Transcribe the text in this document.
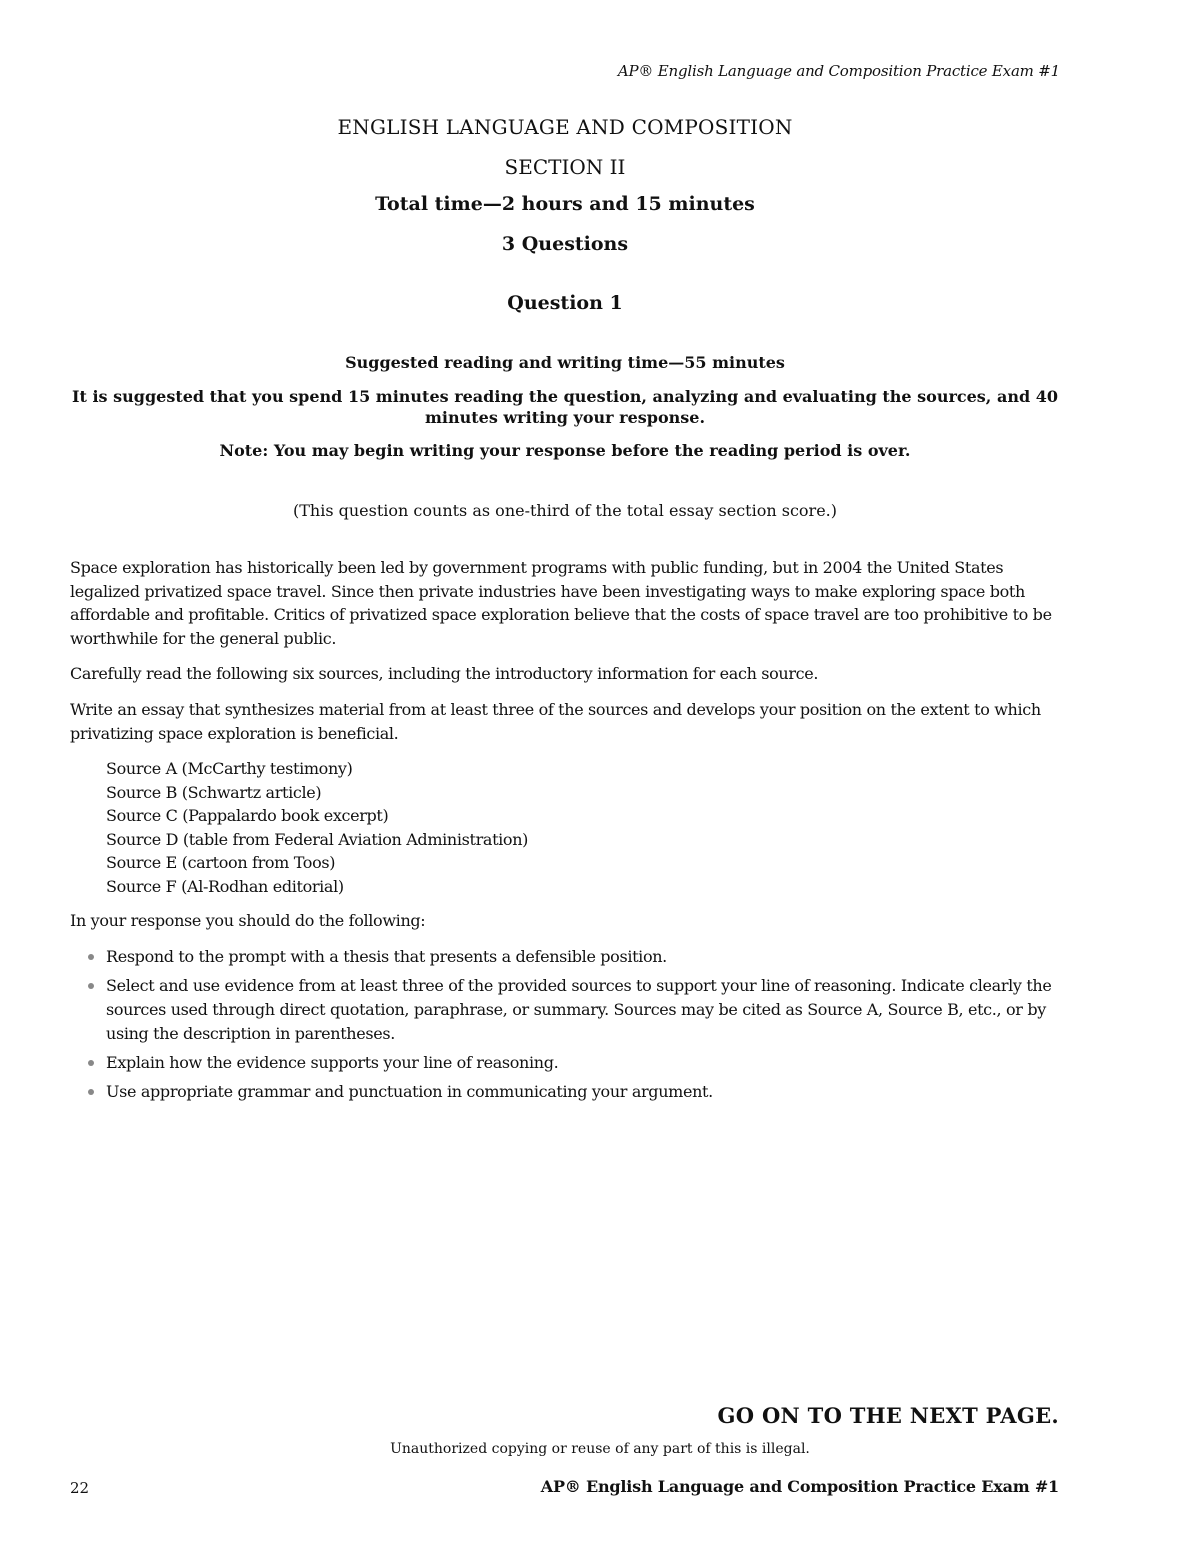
AP® English Language and Composition Practice Exam #1
ENGLISH LANGUAGE AND COMPOSITION
SECTION II
Total time—2 hours and 15 minutes
3 Questions
Question 1
Suggested reading and writing time—55 minutes
It is suggested that you spend 15 minutes reading the question, analyzing and evaluating the sources, and 40 minutes writing your response.
Note: You may begin writing your response before the reading period is over.
(This question counts as one-third of the total essay section score.)
Space exploration has historically been led by government programs with public funding, but in 2004 the United States legalized privatized space travel. Since then private industries have been investigating ways to make exploring space both affordable and profitable. Critics of privatized space exploration believe that the costs of space travel are too prohibitive to be worthwhile for the general public.
Carefully read the following six sources, including the introductory information for each source.
Write an essay that synthesizes material from at least three of the sources and develops your position on the extent to which privatizing space exploration is beneficial.
Source A (McCarthy testimony)
Source B (Schwartz article)
Source C (Pappalardo book excerpt)
Source D (table from Federal Aviation Administration)
Source E (cartoon from Toos)
Source F (Al-Rodhan editorial)
In your response you should do the following:
Respond to the prompt with a thesis that presents a defensible position.
Select and use evidence from at least three of the provided sources to support your line of reasoning. Indicate clearly the sources used through direct quotation, paraphrase, or summary. Sources may be cited as Source A, Source B, etc., or by using the description in parentheses.
Explain how the evidence supports your line of reasoning.
Use appropriate grammar and punctuation in communicating your argument.
GO ON TO THE NEXT PAGE.
Unauthorized copying or reuse of any part of this is illegal.
22	AP® English Language and Composition Practice Exam #1
